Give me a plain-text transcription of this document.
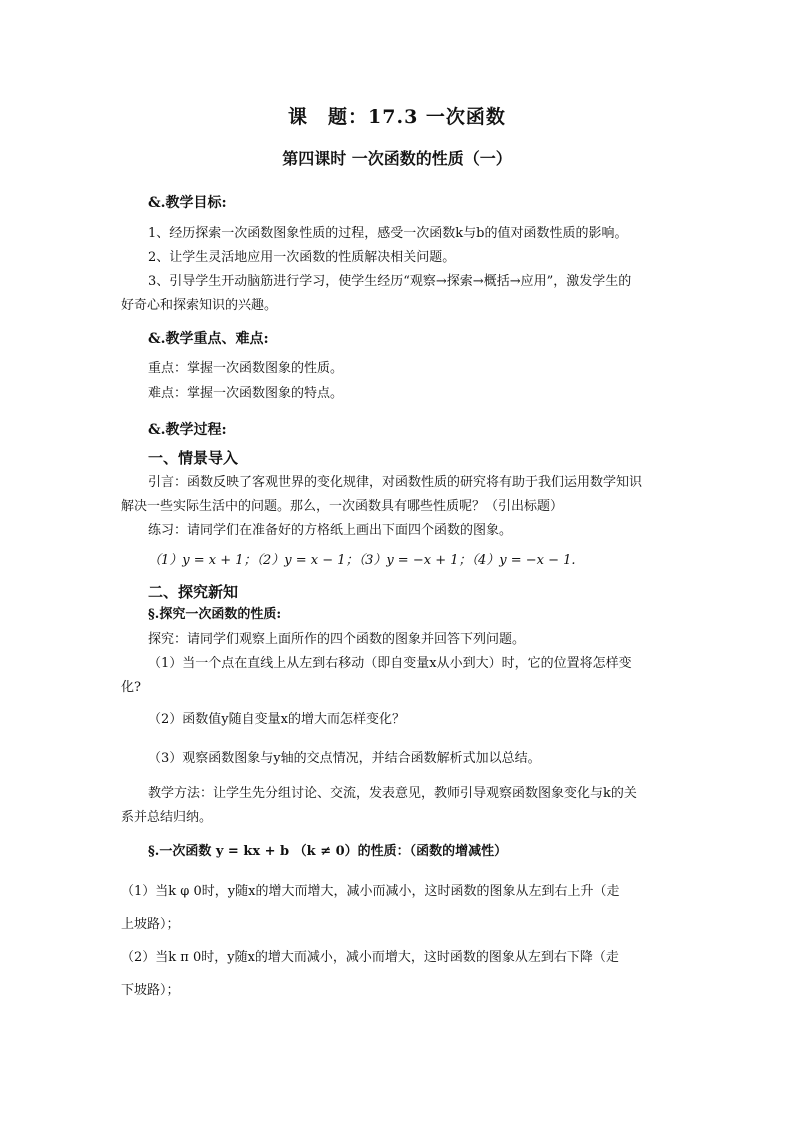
课　题：17.3 一次函数
第四课时 一次函数的性质（一）
&.教学目标:
1、经历探索一次函数图象性质的过程，感受一次函数k与b的值对函数性质的影响。
2、让学生灵活地应用一次函数的性质解决相关问题。
3、引导学生开动脑筋进行学习，使学生经历“观察→探索→概括→应用”，激发学生的
好奇心和探索知识的兴趣。
&.教学重点、难点:
重点：掌握一次函数图象的性质。
难点：掌握一次函数图象的特点。
&.教学过程:
一、情景导入
引言：函数反映了客观世界的变化规律，对函数性质的研究将有助于我们运用数学知识
解决一些实际生活中的问题。那么，一次函数具有哪些性质呢？（引出标题）
练习：请同学们在准备好的方格纸上画出下面四个函数的图象。
（1）y = x + 1；（2）y = x − 1；（3）y = −x + 1；（4）y = −x − 1.
二、探究新知
§.探究一次函数的性质:
探究：请同学们观察上面所作的四个函数的图象并回答下列问题。
（1）当一个点在直线上从左到右移动（即自变量x从小到大）时，它的位置将怎样变
化?
（2）函数值y随自变量x的增大而怎样变化？
（3）观察函数图象与y轴的交点情况，并结合函数解析式加以总结。
教学方法：让学生先分组讨论、交流，发表意见，教师引导观察函数图象变化与k的关
系并总结归纳。
§.一次函数 y = kx + b （k ≠ 0）的性质：（函数的增减性）
（1）当k φ 0时，y随x的增大而增大，减小而减小，这时函数的图象从左到右上升（走
上坡路）；
（2）当k π 0时，y随x的增大而减小，减小而增大，这时函数的图象从左到右下降（走
下坡路）；
